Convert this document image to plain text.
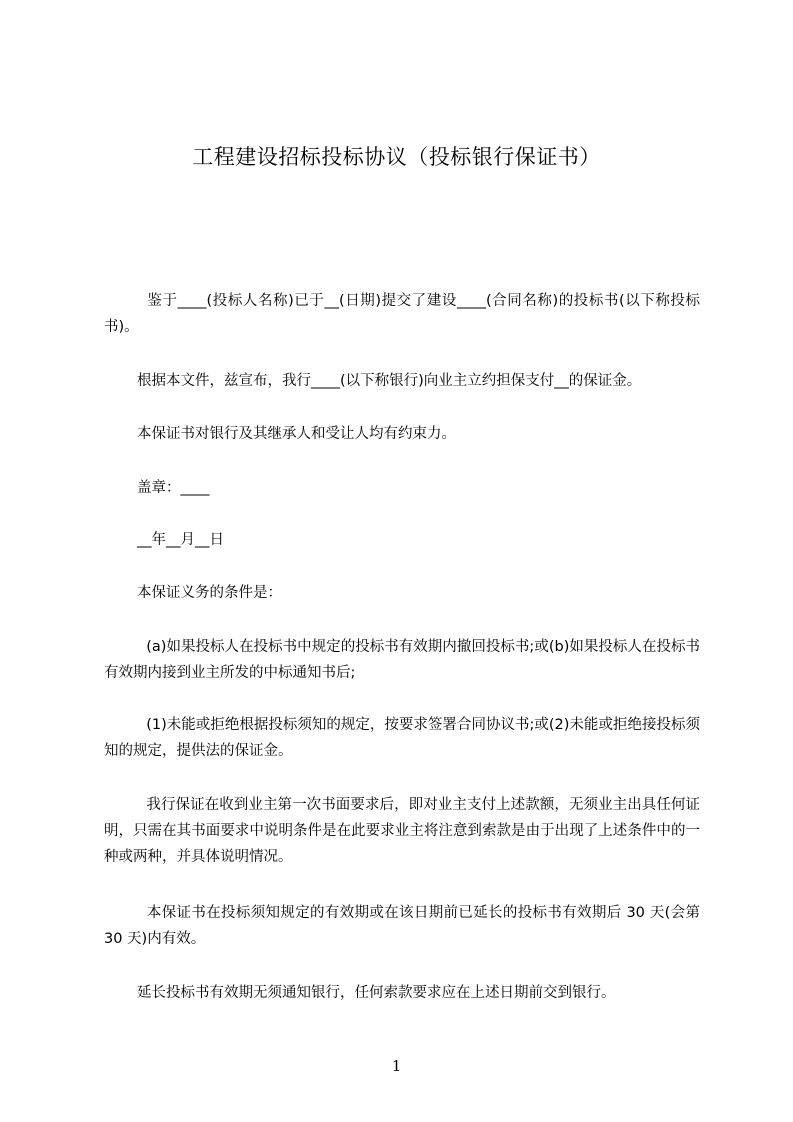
工程建设招标投标协议（投标银行保证书）

鉴于____(投标人名称)已于__(日期)提交了建设____(合同名称)的投标书(以下称投标书)。

根据本文件，兹宣布，我行____(以下称银行)向业主立约担保支付__的保证金。

本保证书对银行及其继承人和受让人均有约束力。

盖章：____

__年__月__日

本保证义务的条件是：

(a)如果投标人在投标书中规定的投标书有效期内撤回投标书;或(b)如果投标人在投标书有效期内接到业主所发的中标通知书后;

(1)未能或拒绝根据投标须知的规定，按要求签署合同协议书;或(2)未能或拒绝接投标须知的规定，提供法的保证金。

我行保证在收到业主第一次书面要求后，即对业主支付上述款额，无须业主出具任何证明，只需在其书面要求中说明条件是在此要求业主将注意到索款是由于出现了上述条件中的一种或两种，并具体说明情况。

本保证书在投标须知规定的有效期或在该日期前已延长的投标书有效期后 30 天(会第 30 天)内有效。

延长投标书有效期无须通知银行，任何索款要求应在上述日期前交到银行。

1
